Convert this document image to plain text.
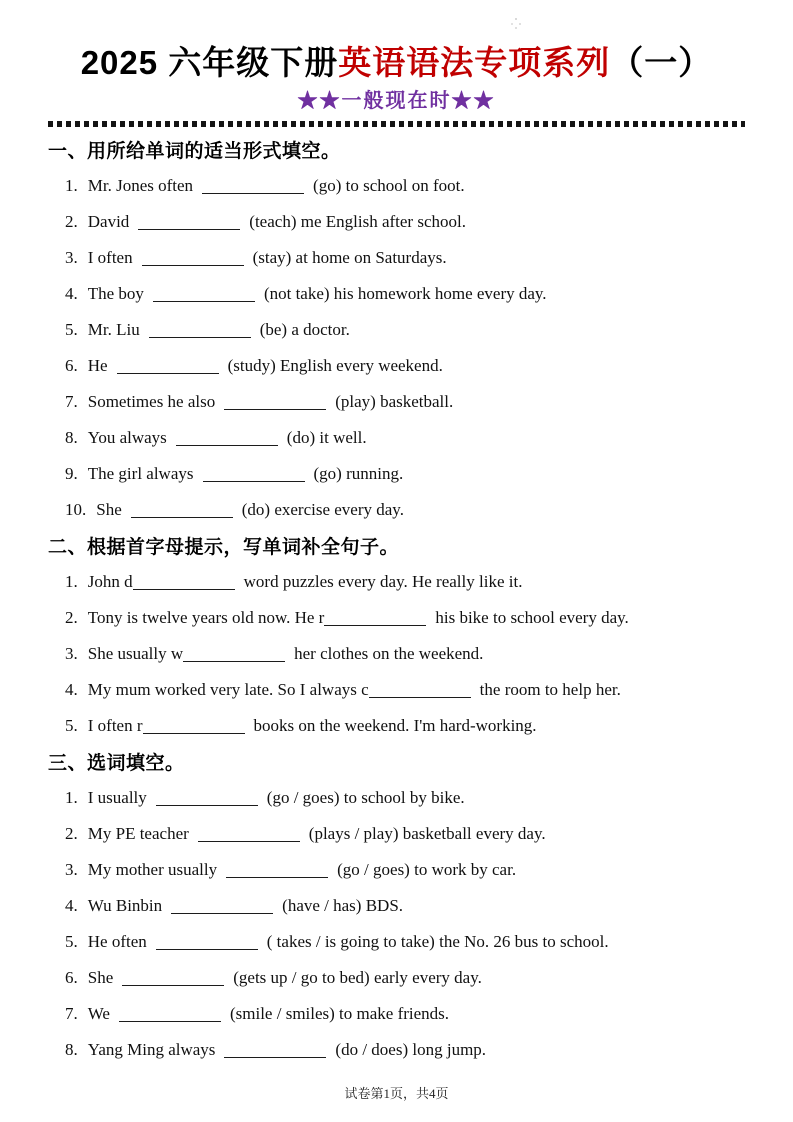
2025 六年级下册英语语法专项系列（一）
★★一般现在时★★
一、用所给单词的适当形式填空。
1. Mr. Jones often	(go) to school on foot.
2. David	(teach) me English after school.
3. I often	(stay) at home on Saturdays.
4. The boy	(not take) his homework home every day.
5. Mr. Liu	(be) a doctor.
6. He	(study) English every weekend.
7. Sometimes he also	(play) basketball.
8. You always	(do) it well.
9. The girl always	(go) running.
10. She	(do) exercise every day.
二、根据首字母提示，写单词补全句子。
1. John d	word puzzles every day. He really like it.
2. Tony is twelve years old now. He r	his bike to school every day.
3. She usually w	her clothes on the weekend.
4. My mum worked very late. So I always c	the room to help her.
5. I often r	books on the weekend. I'm hard-working.
三、选词填空。
1. I usually	(go / goes) to school by bike.
2. My PE teacher	(plays / play) basketball every day.
3. My mother usually	(go / goes) to work by car.
4. Wu Binbin	(have / has) BDS.
5. He often	( takes / is going to take) the No. 26 bus to school.
6. She	(gets up / go to bed) early every day.
7. We	(smile / smiles) to make friends.
8. Yang Ming always	(do / does) long jump.
试卷第1页，共4页
